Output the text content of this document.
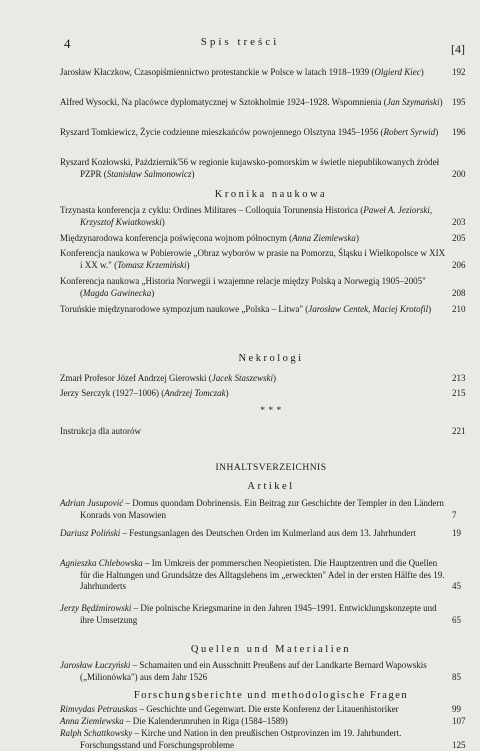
4	Spis treści	[4]
Jarosław Kłaczkow, Czasopiśmiennictwo protestanckie w Polsce w latach 1918–1939 (Olgierd Kiec)	192
Alfred Wysocki, Na placówce dyplomatycznej w Sztokholmie 1924–1928. Wspomnienia (Jan Szymański) 195
Ryszard Tomkiewicz, Życie codzienne mieszkańców powojennego Olsztyna 1945–1956 (Robert Syrwid) 196
Ryszard Kozłowski, Październik'56 w regionie kujawsko-pomorskim w świetle niepublikowanych źródeł PZPR (Stanisław Salmonowicz)	200
Kronika naukowa
Trzynasta konferencja z cyklu: Ordines Militares – Colloquia Torunensia Historica (Paweł A. Jeziorski, Krzysztof Kwiatkowski)	203
Międzynarodowa konferencja poświęcona wojnom północnym (Anna Ziemlewska)	205
Konferencja naukowa w Pobierowie „Obraz wyborów w prasie na Pomorzu, Śląsku i Wielkopolsce w XIX i XX w." (Tomasz Krzemiński)	206
Konferencja naukowa „Historia Norwegii i wzajemne relacje między Polską a Norwegią 1905–2005" (Magda Gawinecka)	208
Toruńskie międzynarodowe sympozjum naukowe „Polska – Litwa" (Jarosław Centek, Maciej Krotofil) 210
Nekrologi
Zmarł Profesor Józef Andrzej Gierowski (Jacek Staszewski)	213
Jerzy Serczyk (1927–1006) (Andrzej Tomczak)	215
* * *
Instrukcja dla autorów	221
INHALTSVERZEICHNIS
Artikel
Adrian Jusupović – Domus quondam Dobrinensis. Ein Beitrag zur Geschichte der Templer in den Ländern Konrads von Masowien	7
Dariusz Poliński – Festungsanlagen des Deutschen Orden im Kulmerland aus dem 13. Jahrhundert	19
Agnieszka Chlebowska – Im Umkreis der pommerschen Neopietisten. Die Hauptzentren und die Quellen für die Haltungen und Grundsätze des Alltagslebens im „erweckten" Adel in der ersten Hälfte des 19. Jahrhunderts	45
Jerzy Będźmirowski – Die polnische Kriegsmarine in den Jahren 1945–1991. Entwicklungskonzepte und ihre Umsetzung	65
Quellen und Materialien
Jarosław Łuczyński – Schamaiten und ein Ausschnitt Preußens auf der Landkarte Bernard Wapowskis („Milionówka") aus dem Jahr 1526	85
Forschungsberichte und methodologische Fragen
Rimvydas Petrauskas – Geschichte und Gegenwart. Die erste Konferenz der Litauenhistoriker	99
Anna Ziemlewska – Die Kalenderunruhen in Riga (1584–1589)	107
Ralph Schattkowsky – Kirche und Nation in den preußischen Ostprovinzen im 19. Jahrhundert. Forschungsstand und Forschungsprobleme	125
